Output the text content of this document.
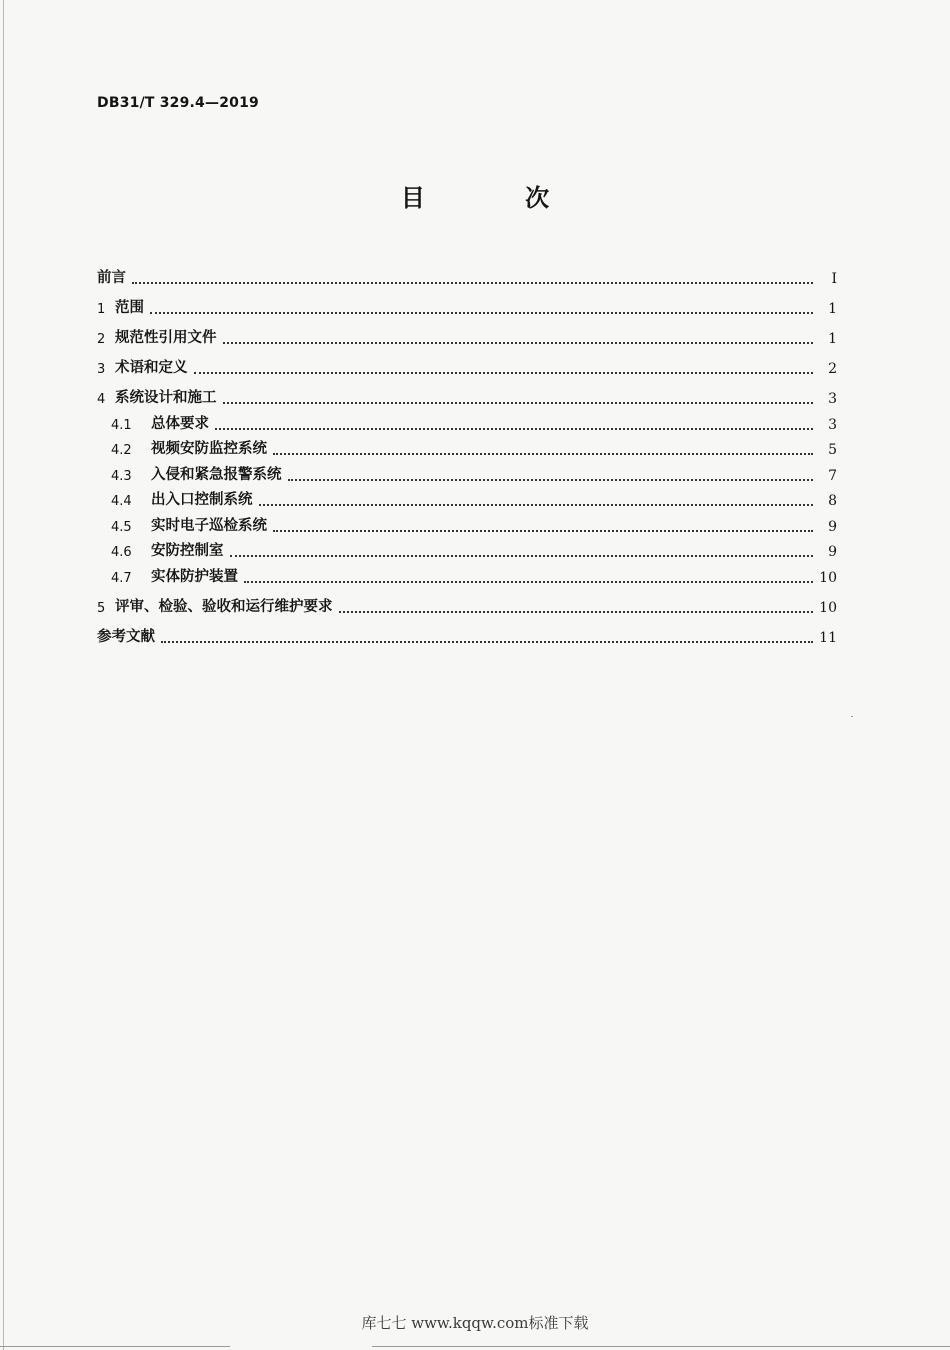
DB31/T 329.4—2019
目 次
前言	Ⅰ
1 范围	1
2 规范性引用文件	1
3 术语和定义	2
4 系统设计和施工	3
4.1	总体要求	3
4.2	视频安防监控系统	5
4.3	入侵和紧急报警系统	7
4.4	出入口控制系统	8
4.5	实时电子巡检系统	9
4.6	安防控制室	9
4.7	实体防护装置	10
5 评审、检验、验收和运行维护要求	10
参考文献	11
库七七 www.kqqw.com标准下载
